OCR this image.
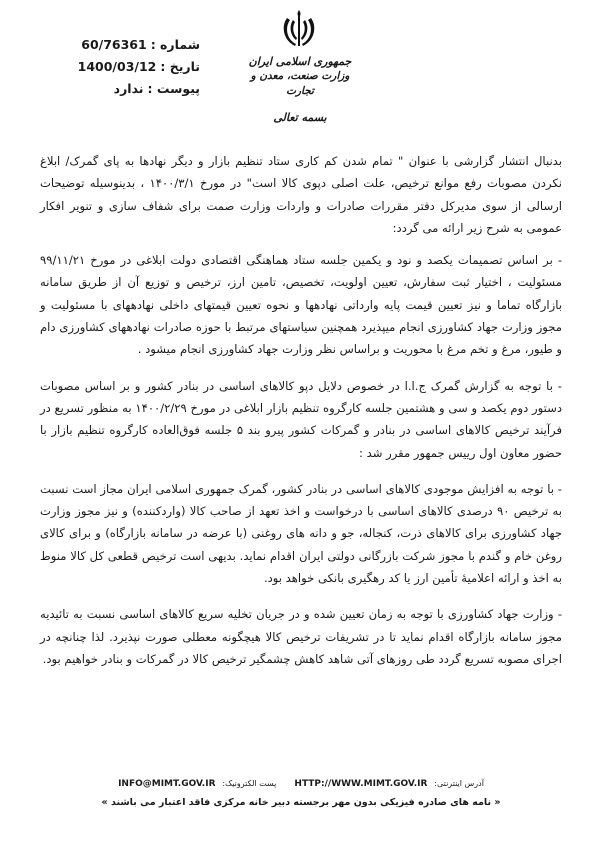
شماره :
60/76361
تاریخ :
1400/03/12
پیوست :
ندارد
جمهوری اسلامی ایران
وزارت صنعت، معدن و تجارت
بسمه تعالی

بدنبال انتشار گزارشی با عنوان " تمام شدن کم کاری ستاد تنظیم بازار و دیگر نهادها به پای گمرک/ ابلاغ نکردن مصوبات رفع موانع ترخیص، علت اصلی دپوی کالا است" در مورخ ۱۴۰۰/۳/۱ ، بدینوسیله توضیحات ارسالی از سوی مدیرکل دفتر مقررات صادرات و واردات وزارت صمت برای شفاف سازی و تنویر افکار عمومی به شرح زیر ارائه می گردد:

- بر اساس تصمیمات یکصد و نود و یکمین جلسه ستاد هماهنگی اقتصادی دولت ابلاغی در مورخ ۹۹/۱۱/۲۱ مسئولیت ، اختیار ثبت سفارش، تعیین اولویت، تخصیص، تامین ارز، ترخیص و توزیع آن از طریق سامانه بازارگاه تماما و نیز تعیین قیمت پایه وارداتی نهادهها و نحوه تعیین قیمتهای داخلی نهادههای با مسئولیت و مجوز وزارت جهاد کشاورزی انجام میپذیرد همچنین سیاستهای مرتبط با حوزه صادرات نهادههای کشاورزی دام و طیور، مرغ و تخم مرغ با محوریت و براساس نظر وزارت جهاد کشاورزی انجام میشود .

- با توجه به گزارش گمرک ج.ا.ا در خصوص دلایل دپو کالاهای اساسی در بنادر کشور و بر اساس مصوبات دستور دوم یکصد و سی و هشتمین جلسه کارگروه تنظیم بازار ابلاغی در مورخ ۱۴۰۰/۲/۲۹ به منظور تسریع در فرآیند ترخیص کالاهای اساسی در بنادر و گمرکات کشور پیرو بند ۵ جلسه فوق‌العاده کارگروه تنظیم بازار با حضور معاون اول رییس جمهور مقرر شد :

- با توجه به افزایش موجودی کالاهای اساسی در بنادر کشور، گمرک جمهوری اسلامی ایران مجاز است نسبت به ترخیص ۹۰ درصدی کالاهای اساسی با درخواست و اخذ تعهد از صاحب کالا (واردکننده) و نیز مجوز وزارت جهاد کشاورزی برای کالاهای ذرت، کنجاله، جو و دانه های روغنی (با عرضه در سامانه بازارگاه) و برای کالای روغن خام و گندم با مجوز شرکت بازرگانی دولتی ایران اقدام نماید. بدیهی است ترخیص قطعی کل کالا منوط به اخذ و ارائه اعلامیهٔ تأمین ارز یا کد رهگیری بانکی خواهد بود.

- وزارت جهاد کشاورزی با توجه به زمان تعیین شده و در جریان تخلیه سریع کالاهای اساسی نسبت به تائیدیه مجوز سامانه بازارگاه اقدام نماید تا در تشریفات ترخیص کالا هیچگونه معطلی صورت نپذیرد. لذا چنانچه در اجرای مصوبه تسریع گردد طی روزهای آتی شاهد کاهش چشمگیر ترخیص کالا در گمرکات و بنادر خواهیم بود.

آدرس اینترنتی: HTTP://WWW.MIMT.GOV.IR
پست الکترونیک: INFO@MIMT.GOV.IR
« نامه های صادره فیزیکی بدون مهر برجسته دبیر خانه مرکزی فاقد اعتبار می باشند »
